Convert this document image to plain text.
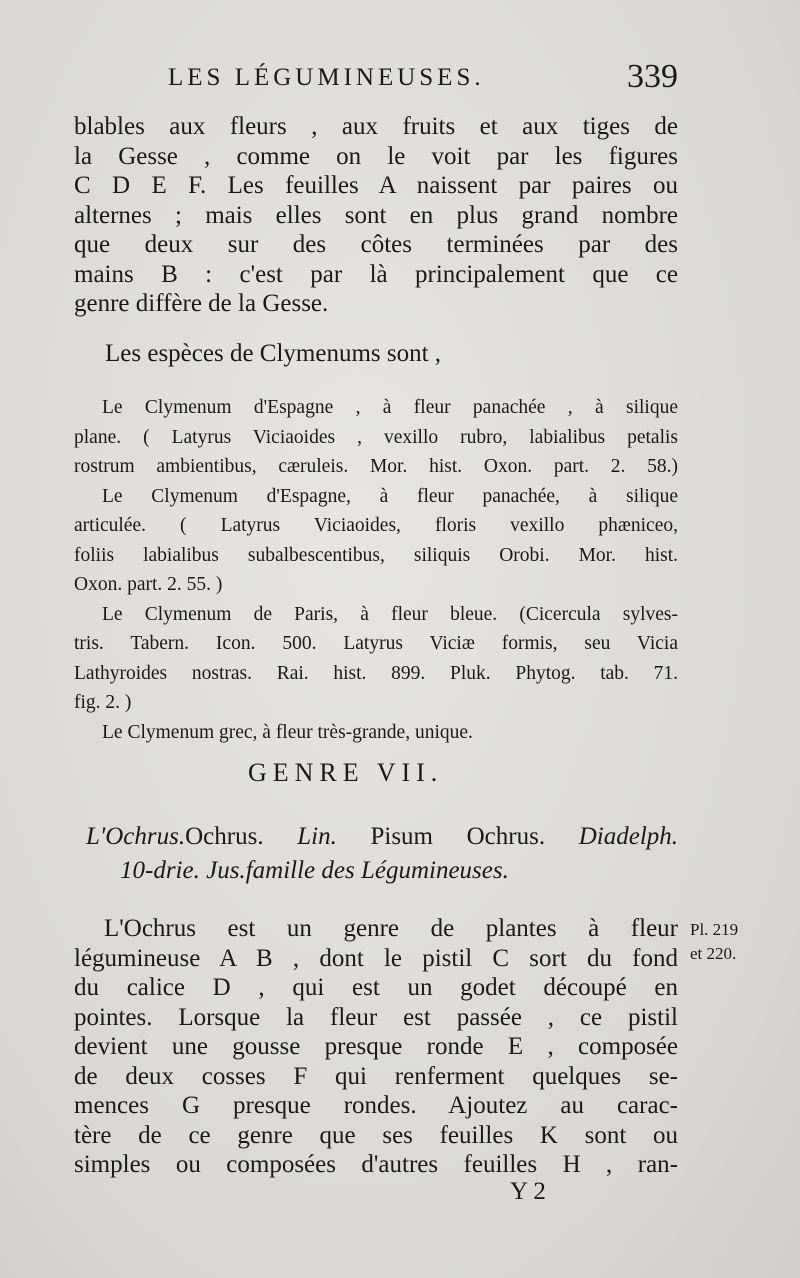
LES LÉGUMINEUSES.	339
blables aux fleurs , aux fruits et aux tiges de
la Gesse , comme on le voit par les figures
C D E F. Les feuilles A naissent par paires ou
alternes ; mais elles sont en plus grand nombre
que deux sur des côtes terminées par des
mains B : c'est par là principalement que ce
genre diffère de la Gesse.
Les espèces de Clymenums sont ,
Le Clymenum d'Espagne , à fleur panachée , à silique
plane. ( Latyrus Viciaoides , vexillo rubro, labialibus petalis
rostrum ambientibus, cæruleis. Mor. hist. Oxon. part. 2. 58.)
Le Clymenum d'Espagne, à fleur panachée, à silique
articulée. ( Latyrus Viciaoides, floris vexillo phæniceo,
foliis labialibus subalbescentibus, siliquis Orobi. Mor. hist.
Oxon. part. 2. 55. )
Le Clymenum de Paris, à fleur bleue. (Cicercula sylves-
tris. Tabern. Icon. 500. Latyrus Viciæ formis, seu Vicia
Lathyroides nostras. Rai. hist. 899. Pluk. Phytog. tab. 71.
fig. 2. )
Le Clymenum grec, à fleur très-grande, unique.
GENRE VII.
L'Ochrus.Ochrus. Lin. Pisum Ochrus. Diadelph.
10-drie. Jus.famille des Légumineuses.
Pl. 219
et 220.
L'Ochrus est un genre de plantes à fleur
légumineuse A B , dont le pistil C sort du fond
du calice D , qui est un godet découpé en
pointes. Lorsque la fleur est passée , ce pistil
devient une gousse presque ronde E , composée
de deux cosses F qui renferment quelques se-
mences G presque rondes. Ajoutez au carac-
tère de ce genre que ses feuilles K sont ou
simples ou composées d'autres feuilles H , ran-
Y 2
